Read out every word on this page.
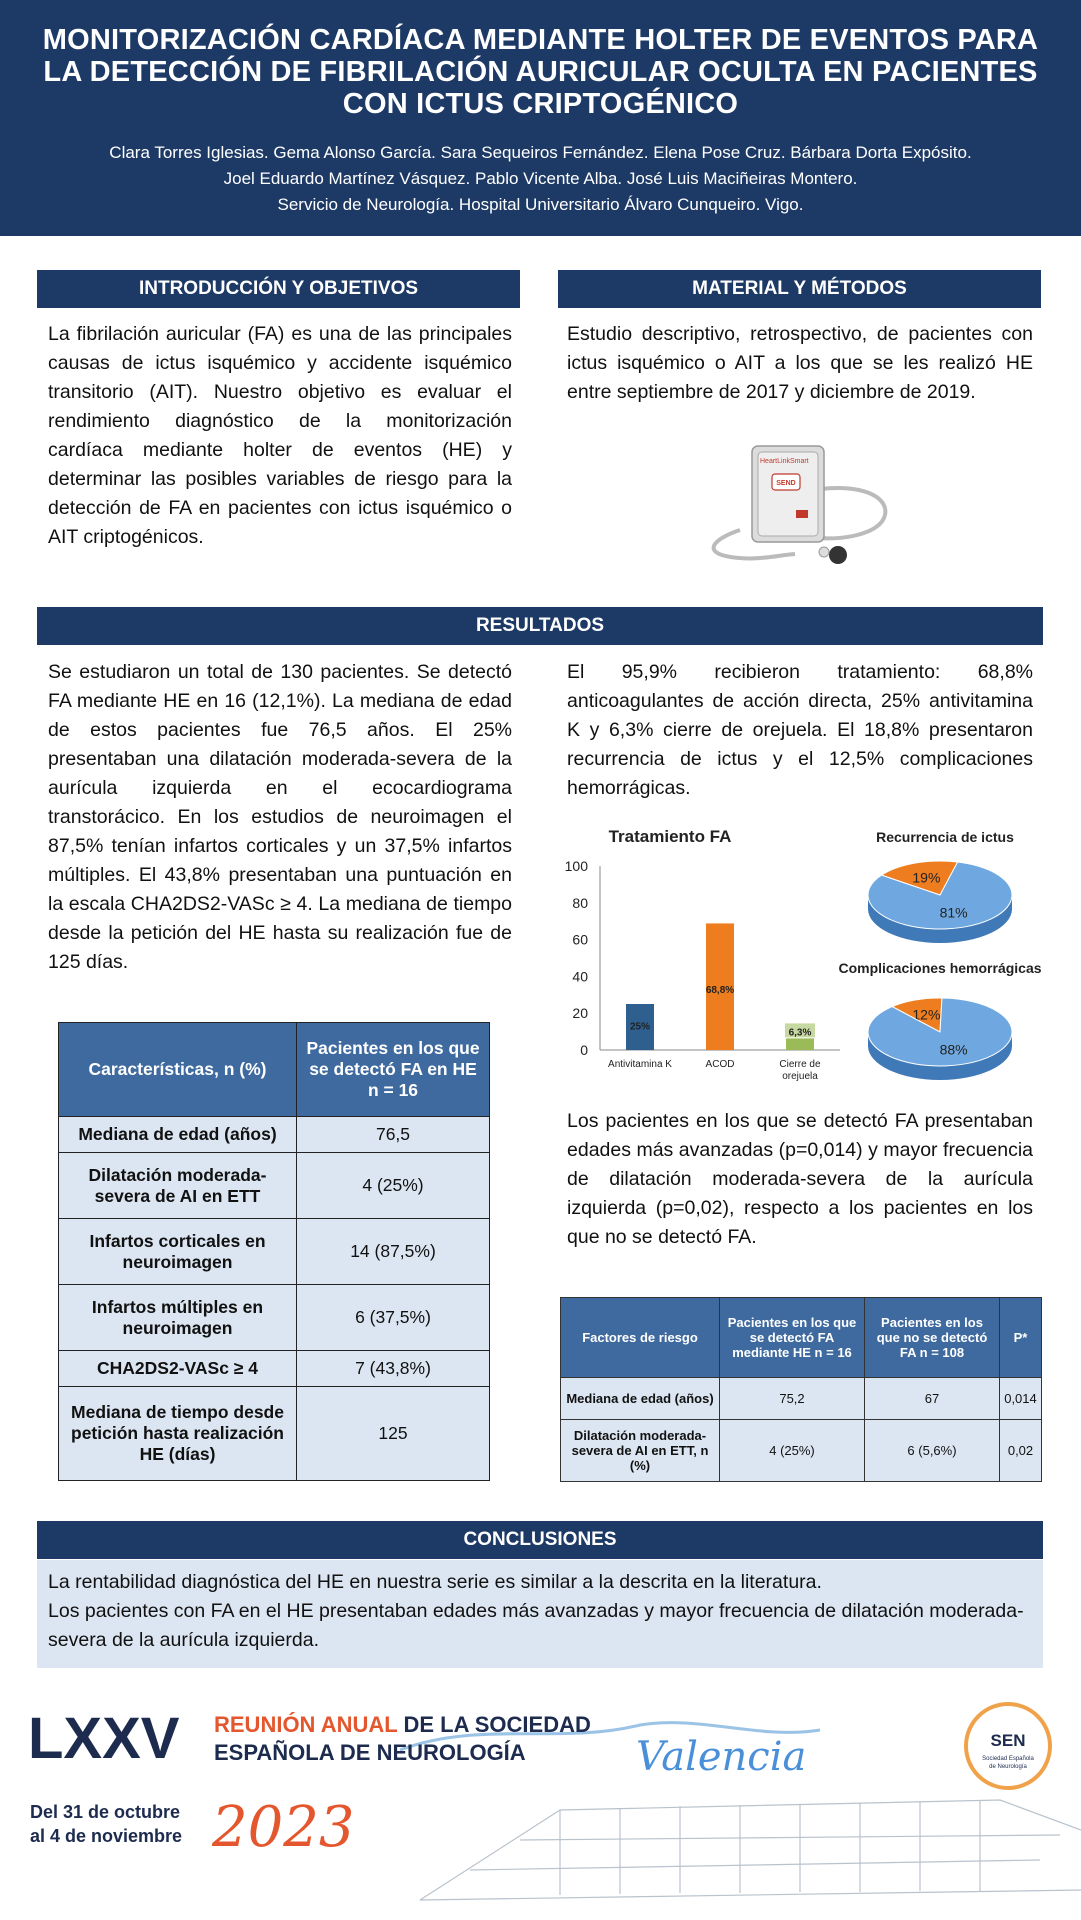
MONITORIZACIÓN CARDÍACA MEDIANTE HOLTER DE EVENTOS PARA
LA DETECCIÓN DE FIBRILACIÓN AURICULAR OCULTA EN PACIENTES
CON ICTUS CRIPTOGÉNICO
Clara Torres Iglesias. Gema Alonso García. Sara Sequeiros Fernández. Elena Pose Cruz. Bárbara Dorta Expósito.
Joel Eduardo Martínez Vásquez. Pablo Vicente Alba. José Luis Maciñeiras Montero.
Servicio de Neurología. Hospital Universitario Álvaro Cunqueiro. Vigo.
INTRODUCCIÓN Y OBJETIVOS
La fibrilación auricular (FA) es una de las principales causas de ictus isquémico y accidente isquémico transitorio (AIT). Nuestro objetivo es evaluar el rendimiento diagnóstico de la monitorización cardíaca mediante holter de eventos (HE) y determinar las posibles variables de riesgo para la detección de FA en pacientes con ictus isquémico o AIT criptogénicos.
MATERIAL Y MÉTODOS
Estudio descriptivo, retrospectivo, de pacientes con ictus isquémico o AIT a los que se les realizó HE entre septiembre de 2017 y diciembre de 2019.
HeartLinkSmart
SEND
RESULTADOS
Se estudiaron un total de 130 pacientes. Se detectó FA mediante HE en 16 (12,1%). La mediana de edad de estos pacientes fue 76,5 años. El 25% presentaban una dilatación moderada-severa de la aurícula izquierda en el ecocardiograma transtorácico. En los estudios de neuroimagen el 87,5% tenían infartos corticales y un 37,5% infartos múltiples. El 43,8% presentaban una puntuación en la escala CHA2DS2-VASc ≥ 4. La mediana de tiempo desde la petición del HE hasta su realización fue de 125 días.
El 95,9% recibieron tratamiento: 68,8% anticoagulantes de acción directa, 25% antivitamina K y 6,3% cierre de orejuela. El 18,8% presentaron recurrencia de ictus y el 12,5% complicaciones hemorrágicas.
Tratamiento FA
0
20
40
60
80
100
25%
Antivitamina K
68,8%
ACOD
6,3%
Cierre de
orejuela
Recurrencia de ictus
19%
81%
Complicaciones hemorrágicas
12%
88%
Los pacientes en los que se detectó FA presentaban edades más avanzadas (p=0,014) y mayor frecuencia de dilatación moderada-severa de la aurícula izquierda (p=0,02), respecto a los pacientes en los que no se detectó FA.
Características, n (%)	Pacientes en los que se detectó FA en HE n = 16
Mediana de edad (años)	76,5
Dilatación moderada-severa de AI en ETT	4 (25%)
Infartos corticales en neuroimagen	14 (87,5%)
Infartos múltiples en neuroimagen	6 (37,5%)
CHA2DS2-VASc ≥ 4	7 (43,8%)
Mediana de tiempo desde petición hasta realización HE (días)	125
Factores de riesgo	Pacientes en los que se detectó FA mediante HE n = 16	Pacientes en los que no se detectó FA n = 108	P*
Mediana de edad (años)	75,2	67	0,014
Dilatación moderada-severa de AI en ETT, n (%)	4 (25%)	6 (5,6%)	0,02
CONCLUSIONES
La rentabilidad diagnóstica del HE en nuestra serie es similar a la descrita en la literatura.
Los pacientes con FA en el HE presentaban edades más avanzadas y mayor frecuencia de dilatación moderada-severa de la aurícula izquierda.
LXXV REUNIÓN ANUAL DE LA SOCIEDAD
ESPAÑOLA DE NEUROLOGÍA	Valencia
Del 31 de octubre
al 4 de noviembre 2023
SEN
Sociedad Española
de Neurología
